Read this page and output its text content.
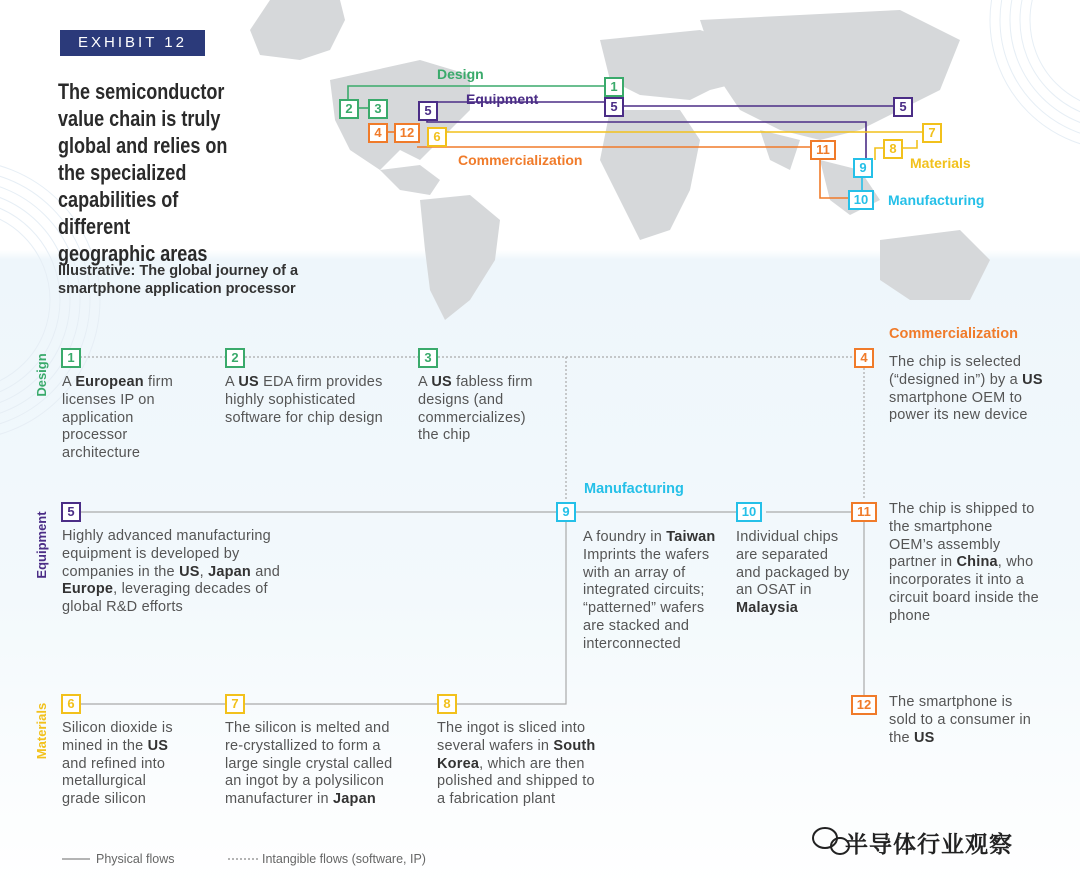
EXHIBIT 12
The semiconductor value chain is truly global and relies on the specialized capabilities of different geographic areas
Design
Equipment
Commercialization	Materials
Manufacturing
1
2	3
4
5	5	5
6	7
8
9
10
11
12
Illustrative: The global journey of a smartphone application processor
Design
Equipment
Materials
Manufacturing
Commercialization
1	2	3	4
5
6	7	8
9	10	11
12
A European firm licenses IP on application processor architecture
A US EDA firm provides highly sophisticated software for chip design
A US fabless firm designs (and commercializes) the chip
The chip is selected (“designed in”) by a US smartphone OEM to power its new device
Highly advanced manufacturing equipment is developed by companies in the US, Japan and Europe, leveraging decades of global R&D efforts
Silicon dioxide is mined in the US and refined into metallurgical grade silicon
The silicon is melted and re-crystallized to form a large single crystal called an ingot by a polysilicon manufacturer in Japan
The ingot is sliced into several wafers in South Korea, which are then polished and shipped to a fabrication plant
A foundry in Taiwan Imprints the wafers with an array of integrated circuits; “patterned” wafers are stacked and interconnected
Individual chips are separated and packaged by an OSAT in Malaysia
The chip is shipped to the smartphone OEM’s assembly partner in China, who incorporates it into a circuit board inside the phone
The smartphone is sold to a consumer in the US
Physical flows	Intangible flows (software, IP)
半导体行业观察
